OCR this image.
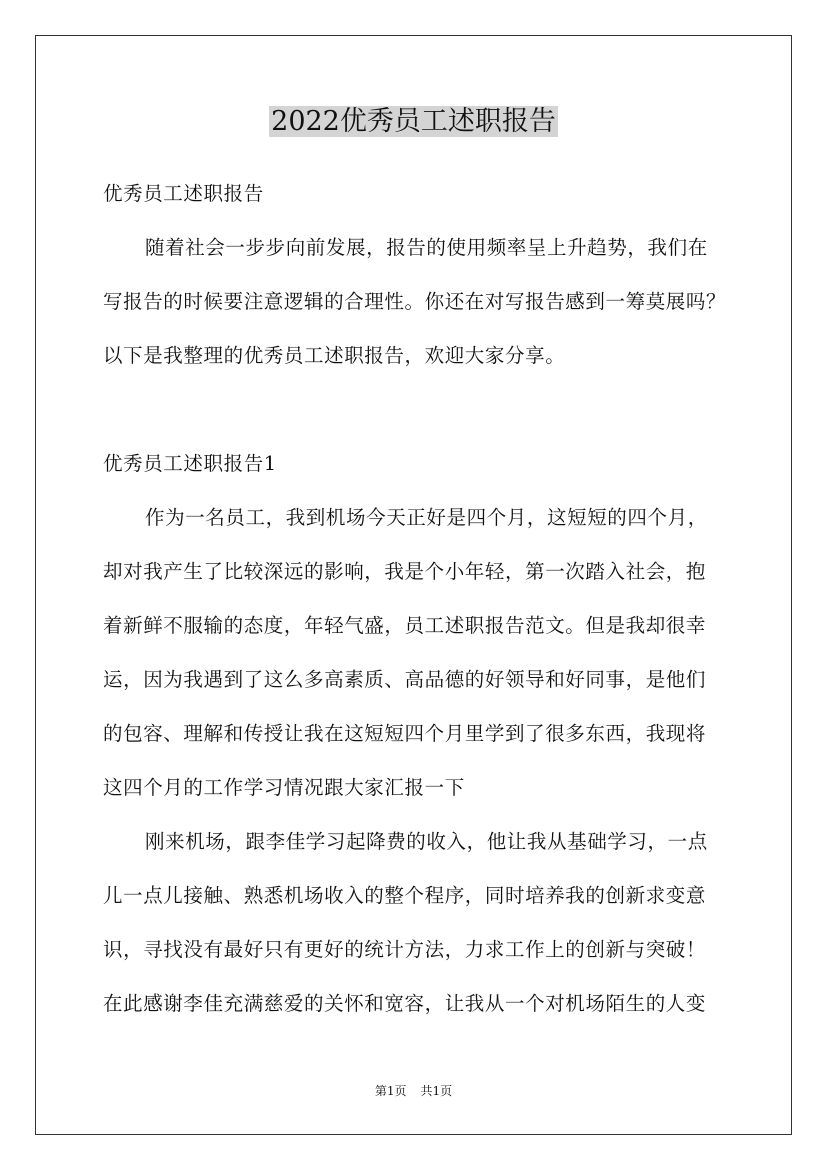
2022优秀员工述职报告
优秀员工述职报告
随着社会一步步向前发展，报告的使用频率呈上升趋势，我们在
写报告的时候要注意逻辑的合理性。你还在对写报告感到一筹莫展吗？
以下是我整理的优秀员工述职报告，欢迎大家分享。
优秀员工述职报告1
作为一名员工，我到机场今天正好是四个月，这短短的四个月，
却对我产生了比较深远的影响，我是个小年轻，第一次踏入社会，抱
着新鲜不服输的态度，年轻气盛，员工述职报告范文。但是我却很幸
运，因为我遇到了这么多高素质、高品德的好领导和好同事，是他们
的包容、理解和传授让我在这短短四个月里学到了很多东西，我现将
这四个月的工作学习情况跟大家汇报一下
刚来机场，跟李佳学习起降费的收入，他让我从基础学习，一点
儿一点儿接触、熟悉机场收入的整个程序，同时培养我的创新求变意
识，寻找没有最好只有更好的统计方法，力求工作上的创新与突破！
在此感谢李佳充满慈爱的关怀和宽容，让我从一个对机场陌生的人变
第1页 共1页
